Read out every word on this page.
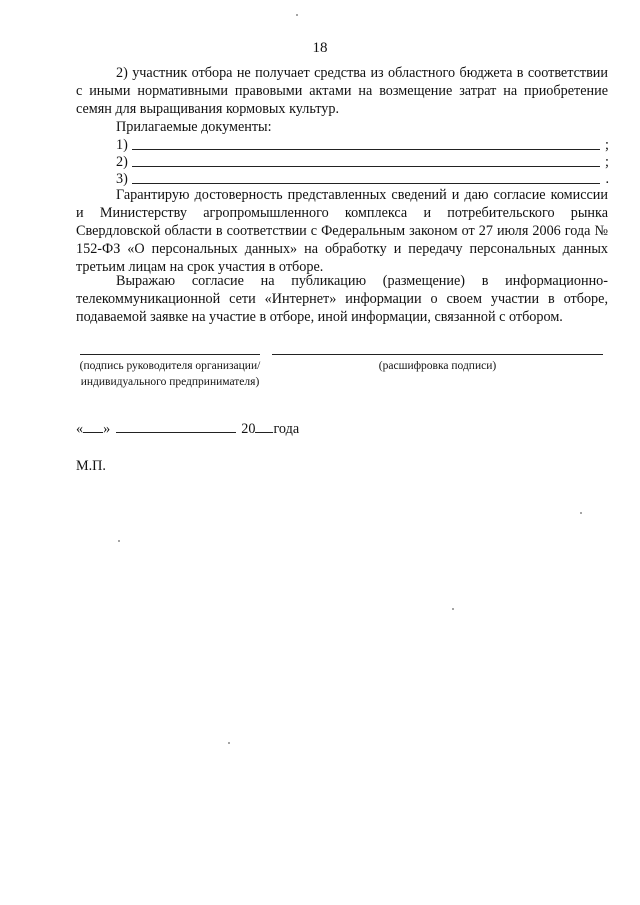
18

2) участник отбора не получает средства из областного бюджета в соответствии с иными нормативными правовыми актами на возмещение затрат на приобретение семян для выращивания кормовых культур.

Прилагаемые документы:
1)	;
2)	;
3)	.

Гарантирую достоверность представленных сведений и даю согласие комиссии и Министерству агропромышленного комплекса и потребительского рынка Свердловской области в соответствии с Федеральным законом от 27 июля 2006 года № 152-ФЗ «О персональных данных» на обработку и передачу персональных данных третьим лицам на срок участия в отборе.

Выражаю согласие на публикацию (размещение) в информационно-телекоммуникационной сети «Интернет» информации о своем участии в отборе, подаваемой заявке на участие в отборе, иной информации, связанной с отбором.

(подпись руководителя организации/ индивидуального предпринимателя)
(расшифровка подписи)
« »	20 года
М.П.
